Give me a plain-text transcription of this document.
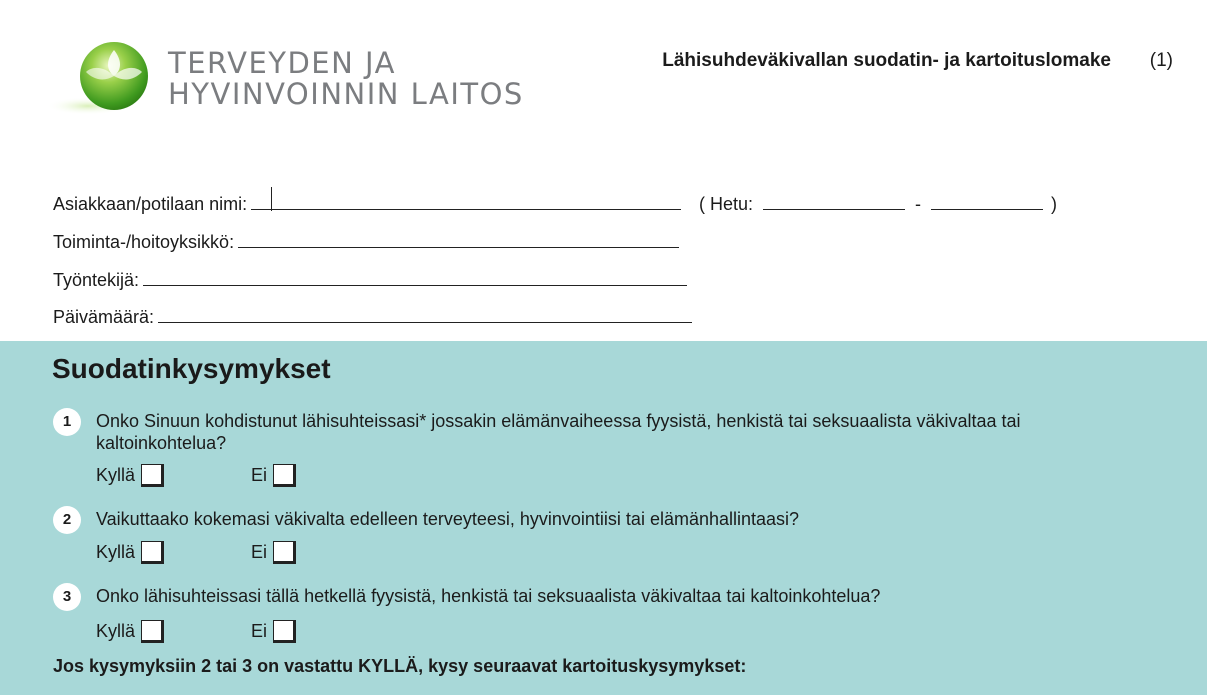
TERVEYDEN JA
HYVINVOINNIN LAITOS
Lähisuhdeväkivallan suodatin- ja kartoituslomake (1)
Asiakkaan/potilaan nimi:	( Hetu:	-	)
Toiminta-/hoitoyksikkö:
Työntekijä:
Päivämäärä:
Suodatinkysymykset
1	Onko Sinuun kohdistunut lähisuhteissasi* jossakin elämänvaiheessa fyysistä, henkistä tai seksuaalista väkivaltaa tai kaltoinkohtelua?
Kyllä	Ei
2	Vaikuttaako kokemasi väkivalta edelleen terveyteesi, hyvinvointiisi tai elämänhallintaasi?
Kyllä	Ei
3	Onko lähisuhteissasi tällä hetkellä fyysistä, henkistä tai seksuaalista väkivaltaa tai kaltoinkohtelua?
Kyllä	Ei
Jos kysymyksiin 2 tai 3 on vastattu KYLLÄ, kysy seuraavat kartoituskysymykset:
